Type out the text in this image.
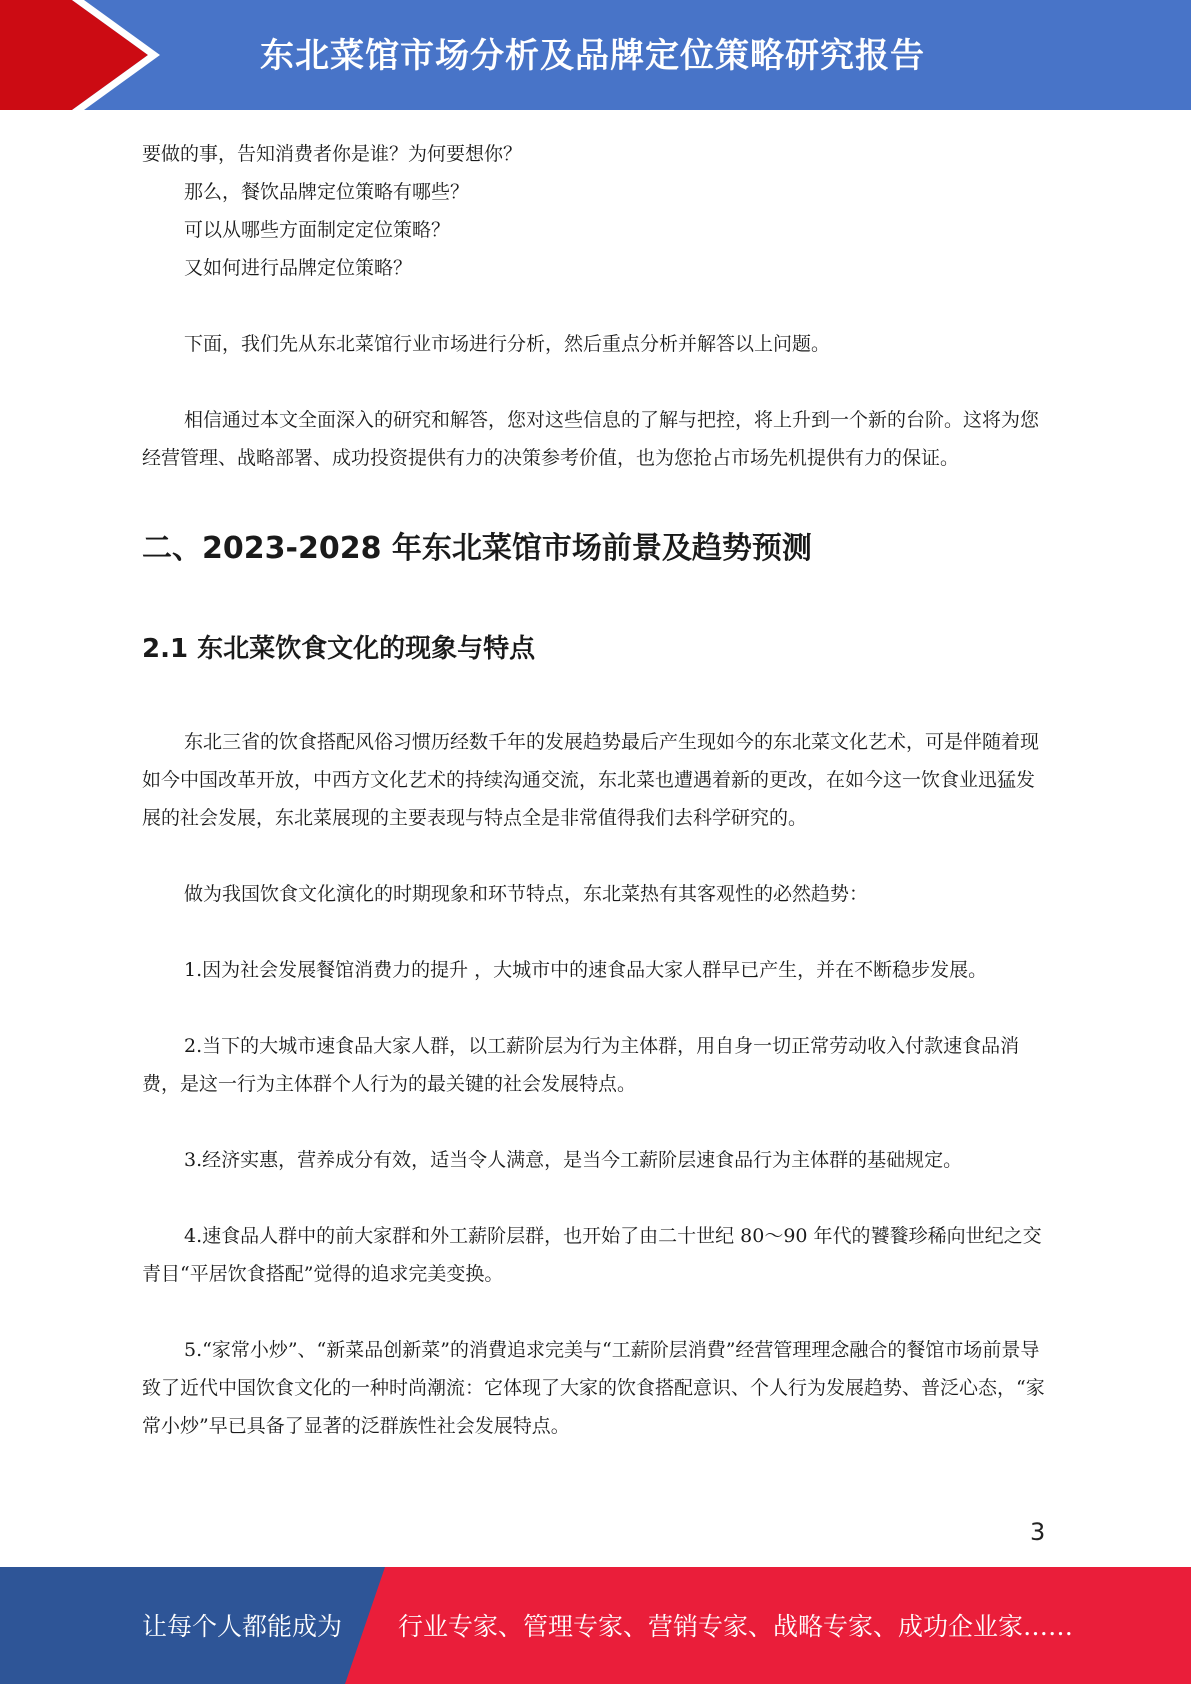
东北菜馆市场分析及品牌定位策略研究报告

要做的事，告知消费者你是谁？为何要想你？

那么，餐饮品牌定位策略有哪些？

可以从哪些方面制定定位策略？

又如何进行品牌定位策略？

下面，我们先从东北菜馆行业市场进行分析，然后重点分析并解答以上问题。

相信通过本文全面深入的研究和解答，您对这些信息的了解与把控，将上升到一个新的台阶。这将为您经营管理、战略部署、成功投资提供有力的决策参考价值，也为您抢占市场先机提供有力的保证。

二、2023-2028 年东北菜馆市场前景及趋势预测
2.1 东北菜饮食文化的现象与特点

东北三省的饮食搭配风俗习惯历经数千年的发展趋势最后产生现如今的东北菜文化艺术，可是伴随着现如今中国改革开放，中西方文化艺术的持续沟通交流，东北菜也遭遇着新的更改，在如今这一饮食业迅猛发展的社会发展，东北菜展现的主要表现与特点全是非常值得我们去科学研究的。

做为我国饮食文化演化的时期现象和环节特点，东北菜热有其客观性的必然趋势：

1.因为社会发展餐馆消费力的提升 ，大城市中的速食品大家人群早已产生，并在不断稳步发展。

2.当下的大城市速食品大家人群，以工薪阶层为行为主体群，用自身一切正常劳动收入付款速食品消费，是这一行为主体群个人行为的最关键的社会发展特点。

3.经济实惠，营养成分有效，适当令人满意，是当今工薪阶层速食品行为主体群的基础规定。

4.速食品人群中的前大家群和外工薪阶层群，也开始了由二十世纪 80～90 年代的饕餮珍稀向世纪之交青目“平居饮食搭配”觉得的追求完美变换。

5.“家常小炒”、“新菜品创新菜”的消費追求完美与“工薪阶层消費”经营管理理念融合的餐馆市场前景导致了近代中国饮食文化的一种时尚潮流：它体现了大家的饮食搭配意识、个人行为发展趋势、普泛心态，“家常小炒”早已具备了显著的泛群族性社会发展特点。

3
让每个人都能成为 行业专家、管理专家、营销专家、战略专家、成功企业家……
